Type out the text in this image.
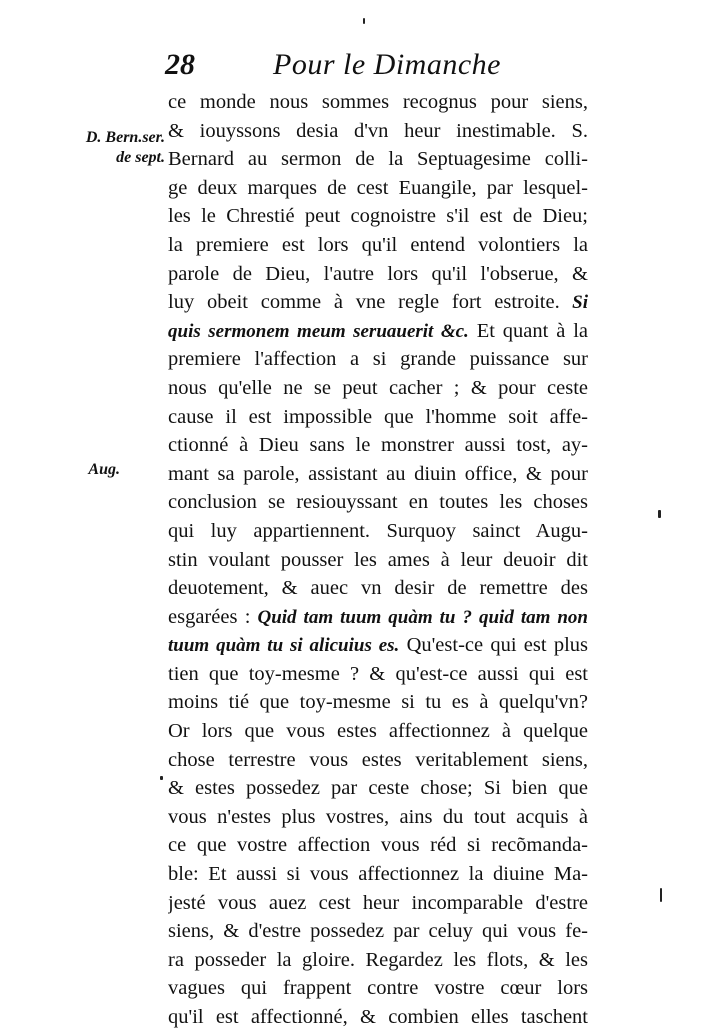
28	Pour le Dimanche
D. Bern.ser.
de sept.
Aug.
ce monde nous sommes recognus pour siens,
& iouyssons desia d'vn heur inestimable. S.
Bernard au sermon de la Septuagesime colli-
ge deux marques de cest Euangile, par lesquel-
les le Chrestié peut cognoistre s'il est de Dieu;
la premiere est lors qu'il entend volontiers la
parole de Dieu, l'autre lors qu'il l'obserue, &
luy obeit comme à vne regle fort estroite. Si
quis sermonem meum seruauerit &c. Et quant à la
premiere l'affection a si grande puissance sur
nous qu'elle ne se peut cacher ; & pour ceste
cause il est impossible que l'homme soit affe-
ctionné à Dieu sans le monstrer aussi tost, ay-
mant sa parole, assistant au diuin office, & pour
conclusion se resiouyssant en toutes les choses
qui luy appartiennent. Surquoy sainct Augu-
stin voulant pousser les ames à leur deuoir dit
deuotement, & auec vn desir de remettre des
esgarées : Quid tam tuum quàm tu ? quid tam non
tuum quàm tu si alicuius es. Qu'est-ce qui est plus
tien que toy-mesme ? & qu'est-ce aussi qui est
moins tié que toy-mesme si tu es à quelqu'vn?
Or lors que vous estes affectionnez à quelque
chose terrestre vous estes veritablement siens,
& estes possedez par ceste chose; Si bien que
vous n'estes plus vostres, ains du tout acquis à
ce que vostre affection vous réd si recõmanda-
ble: Et aussi si vous affectionnez la diuine Ma-
jesté vous auez cest heur incomparable d'estre
siens, & d'estre possedez par celuy qui vous fe-
ra posseder la gloire. Regardez les flots, & les
vagues qui frappent contre vostre cœur lors
qu'il est affectionné, & combien elles taschent
